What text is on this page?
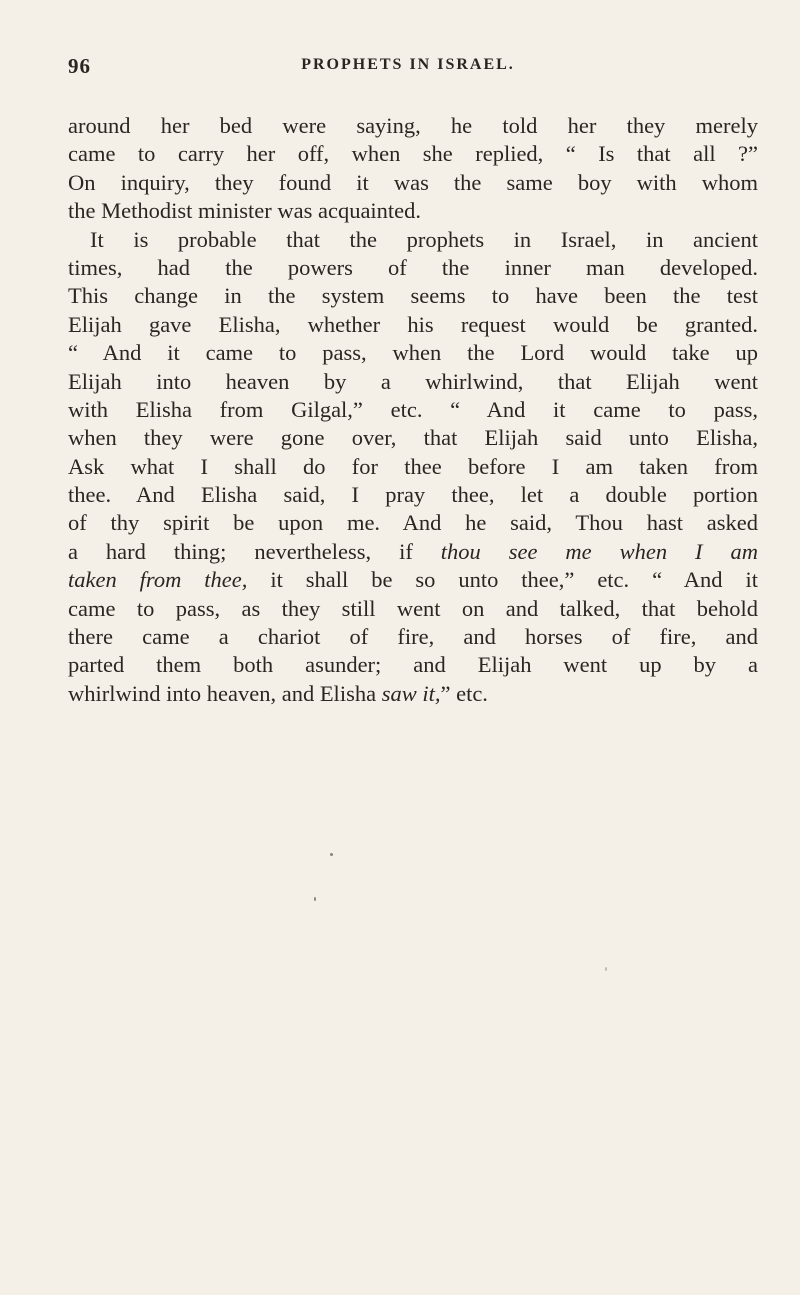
96	PROPHETS IN ISRAEL.
around her bed were saying, he told her they merely
came to carry her off, when she replied, “ Is that all ?”
On inquiry, they found it was the same boy with whom
the Methodist minister was acquainted.
It is probable that the prophets in Israel, in ancient
times, had the powers of the inner man developed.
This change in the system seems to have been the test
Elijah gave Elisha, whether his request would be granted.
“ And it came to pass, when the Lord would take up
Elijah into heaven by a whirlwind, that Elijah went
with Elisha from Gilgal,” etc. “ And it came to pass,
when they were gone over, that Elijah said unto Elisha,
Ask what I shall do for thee before I am taken from
thee. And Elisha said, I pray thee, let a double portion
of thy spirit be upon me. And he said, Thou hast asked
a hard thing; nevertheless, if thou see me when I am
taken from thee, it shall be so unto thee,” etc. “ And it
came to pass, as they still went on and talked, that behold
there came a chariot of fire, and horses of fire, and
parted them both asunder; and Elijah went up by a
whirlwind into heaven, and Elisha saw it,” etc.
